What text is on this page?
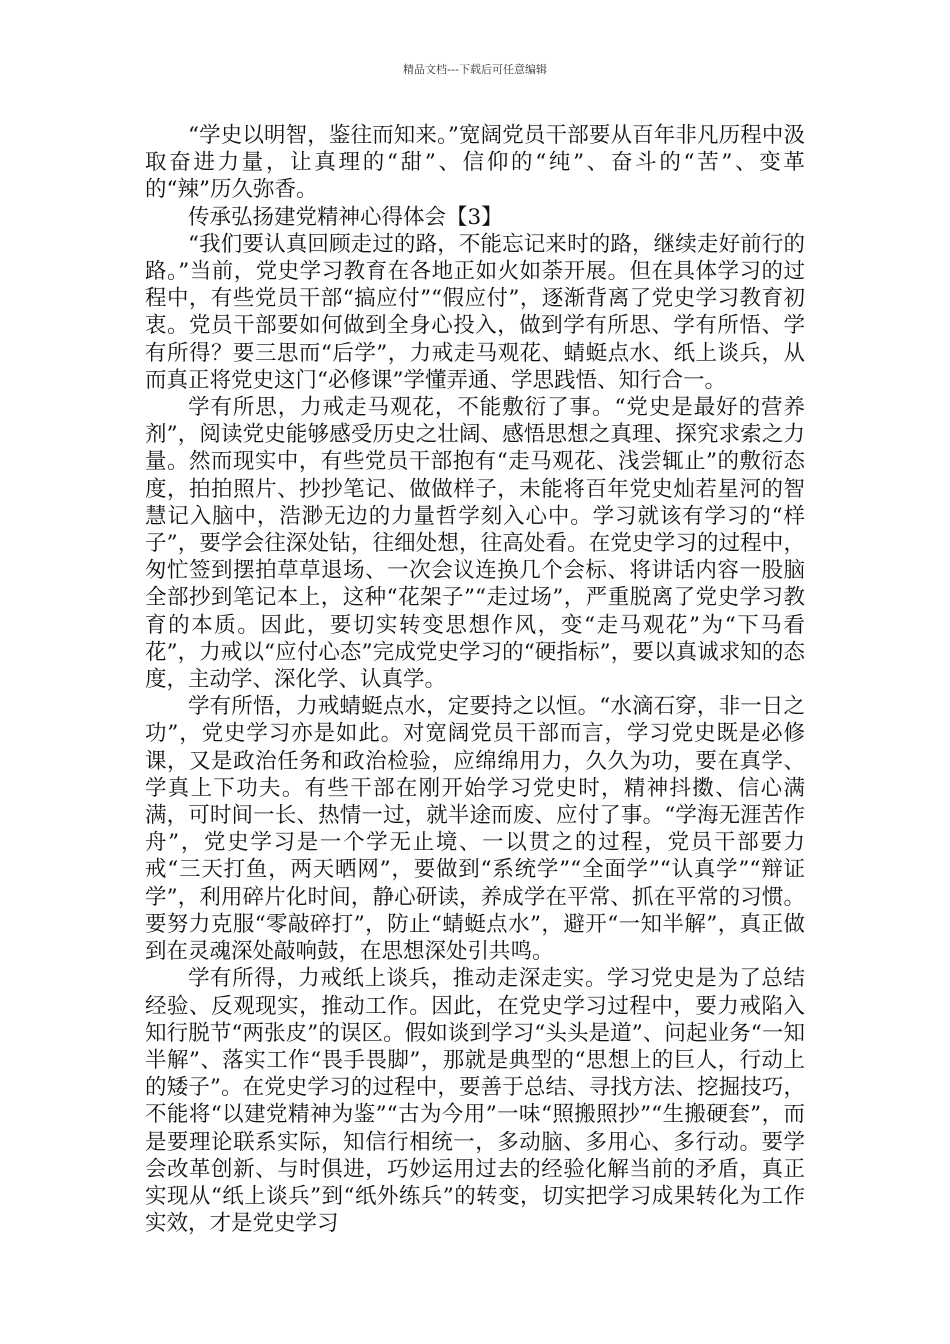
精品文档---下载后可任意编辑

“学史以明智，鉴往而知来。”宽阔党员干部要从百年非凡历程中汲取奋进力量，让真理的“甜”、信仰的“纯”、奋斗的“苦”、变革的“辣”历久弥香。

传承弘扬建党精神心得体会【3】

“我们要认真回顾走过的路，不能忘记来时的路，继续走好前行的路。”当前，党史学习教育在各地正如火如荼开展。但在具体学习的过程中，有些党员干部“搞应付”“假应付”，逐渐背离了党史学习教育初衷。党员干部要如何做到全身心投入，做到学有所思、学有所悟、学有所得？要三思而“后学”，力戒走马观花、蜻蜓点水、纸上谈兵，从而真正将党史这门“必修课”学懂弄通、学思践悟、知行合一。

学有所思，力戒走马观花，不能敷衍了事。“党史是最好的营养剂”，阅读党史能够感受历史之壮阔、感悟思想之真理、探究求索之力量。然而现实中，有些党员干部抱有“走马观花、浅尝辄止”的敷衍态度，拍拍照片、抄抄笔记、做做样子，未能将百年党史灿若星河的智慧记入脑中，浩渺无边的力量哲学刻入心中。学习就该有学习的“样子”，要学会往深处钻，往细处想，往高处看。在党史学习的过程中，匆忙签到摆拍草草退场、一次会议连换几个会标、将讲话内容一股脑全部抄到笔记本上，这种“花架子”“走过场”，严重脱离了党史学习教育的本质。因此，要切实转变思想作风，变“走马观花”为“下马看花”，力戒以“应付心态”完成党史学习的“硬指标”，要以真诚求知的态度，主动学、深化学、认真学。

学有所悟，力戒蜻蜓点水，定要持之以恒。“水滴石穿，非一日之功”，党史学习亦是如此。对宽阔党员干部而言，学习党史既是必修课，又是政治任务和政治检验，应绵绵用力，久久为功，要在真学、学真上下功夫。有些干部在刚开始学习党史时，精神抖擞、信心满满，可时间一长、热情一过，就半途而废、应付了事。“学海无涯苦作舟”，党史学习是一个学无止境、一以贯之的过程，党员干部要力戒“三天打鱼，两天晒网”，要做到“系统学”“全面学”“认真学”“辩证学”，利用碎片化时间，静心研读，养成学在平常、抓在平常的习惯。要努力克服“零敲碎打”，防止“蜻蜓点水”，避开“一知半解”，真正做到在灵魂深处敲响鼓，在思想深处引共鸣。

学有所得，力戒纸上谈兵，推动走深走实。学习党史是为了总结经验、反观现实，推动工作。因此，在党史学习过程中，要力戒陷入知行脱节“两张皮”的误区。假如谈到学习“头头是道”、问起业务“一知半解”、落实工作“畏手畏脚”，那就是典型的“思想上的巨人，行动上的矮子”。在党史学习的过程中，要善于总结、寻找方法、挖掘技巧，不能将“以建党精神为鉴”“古为今用”一味“照搬照抄”“生搬硬套”，而是要理论联系实际，知信行相统一，多动脑、多用心、多行动。要学会改革创新、与时俱进，巧妙运用过去的经验化解当前的矛盾，真正实现从“纸上谈兵”到“纸外练兵”的转变，切实把学习成果转化为工作实效，才是党史学习
